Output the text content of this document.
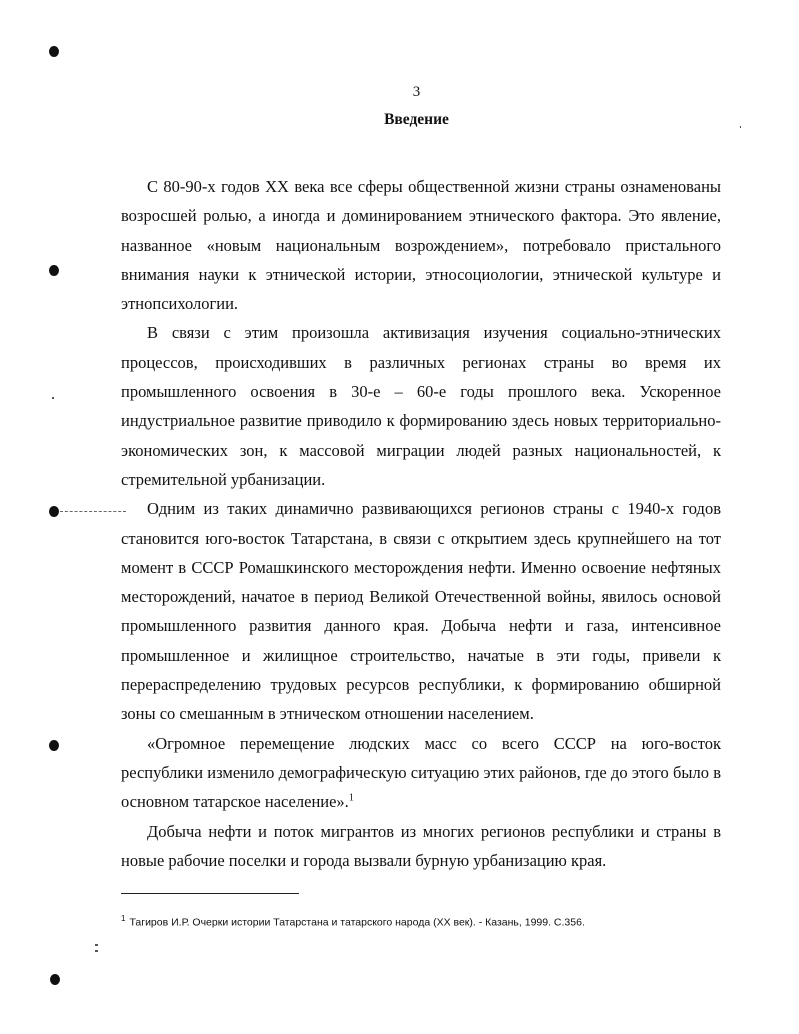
3
Введение

С 80-90-х годов XX века все сферы общественной жизни страны ознаменованы возросшей ролью, а иногда и доминированием этнического фактора. Это явление, названное «новым национальным возрождением», потребовало пристального внимания науки к этнической истории, этносоциологии, этнической культуре и этнопсихологии.

В связи с этим произошла активизация изучения социально-этнических процессов, происходивших в различных регионах страны во время их промышленного освоения в 30-е – 60-е годы прошлого века. Ускоренное индустриальное развитие приводило к формированию здесь новых территориально-экономических зон, к массовой миграции людей разных национальностей, к стремительной урбанизации.

Одним из таких динамично развивающихся регионов страны с 1940-х годов становится юго-восток Татарстана, в связи с открытием здесь крупнейшего на тот момент в СССР Ромашкинского месторождения нефти. Именно освоение нефтяных месторождений, начатое в период Великой Отечественной войны, явилось основой промышленного развития данного края. Добыча нефти и газа, интенсивное промышленное и жилищное строительство, начатые в эти годы, привели к перераспределению трудовых ресурсов республики, к формированию обширной зоны со смешанным в этническом отношении населением.

«Огромное перемещение людских масс со всего СССР на юго-восток республики изменило демографическую ситуацию этих районов, где до этого было в основном татарское население».$^1$

Добыча нефти и поток мигрантов из многих регионов республики и страны в новые рабочие поселки и города вызвали бурную урбанизацию края.

$^1$ Тагиров И.Р. Очерки истории Татарстана и татарского народа (XX век). - Казань, 1999. С.356.
